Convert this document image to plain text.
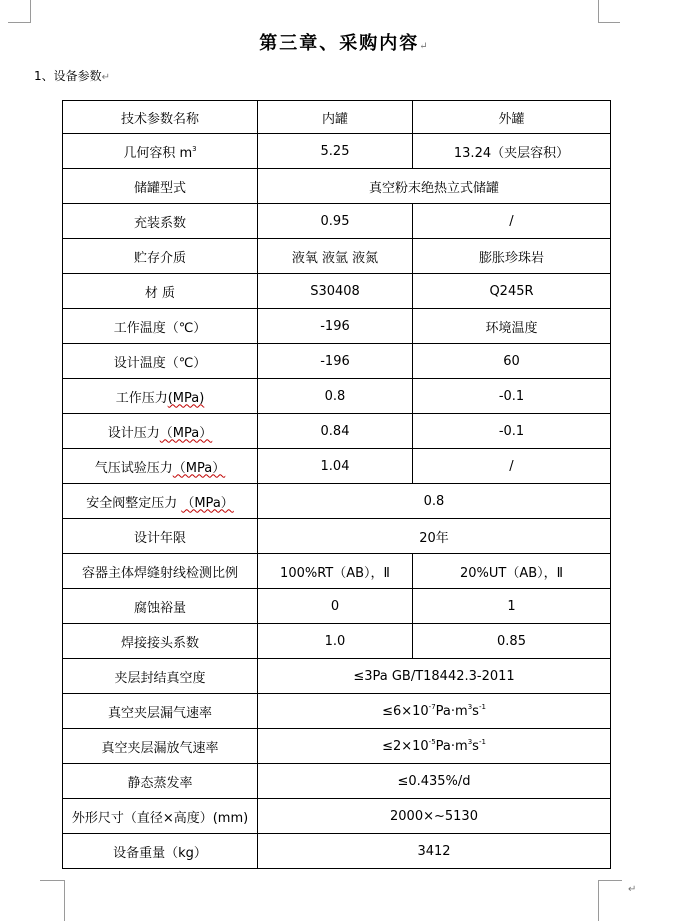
第三章、采购内容↵
1、设备参数↵
技术参数名称	内罐	外罐
几何容积 $m^3$	5.25	13.24（夹层容积）
储罐型式	真空粉末绝热立式储罐	
充装系数	0.95	/
贮存介质	液氧 液氩 液氮	膨胀珍珠岩
材 质	S30408	Q245R
工作温度（℃）	-196	环境温度
设计温度（℃）	-196	60
工作压力(MPa)	0.8	-0.1
设计压力（MPa）	0.84	-0.1
气压试验压力（MPa）	1.04	/
安全阀整定压力 （MPa）	0.8	
设计年限	20年	
容器主体焊缝射线检测比例	100%RT（AB），Ⅱ	20%UT（AB），Ⅱ
腐蚀裕量	0	1
焊接接头系数	1.0	0.85
夹层封结真空度	≤3Pa GB/T18442.3-2011	
真空夹层漏气速率	$\le 6\times 10^{-7}Pa\cdot m^3s^{-1}$
真空夹层漏放气速率	$\le 2\times 10^{-5}Pa\cdot m^3s^{-1}$
静态蒸发率	≤0.435%/d	
外形尺寸（直径×高度）(mm)	2000×~5130	
设备重量（kg）	3412	
↵
